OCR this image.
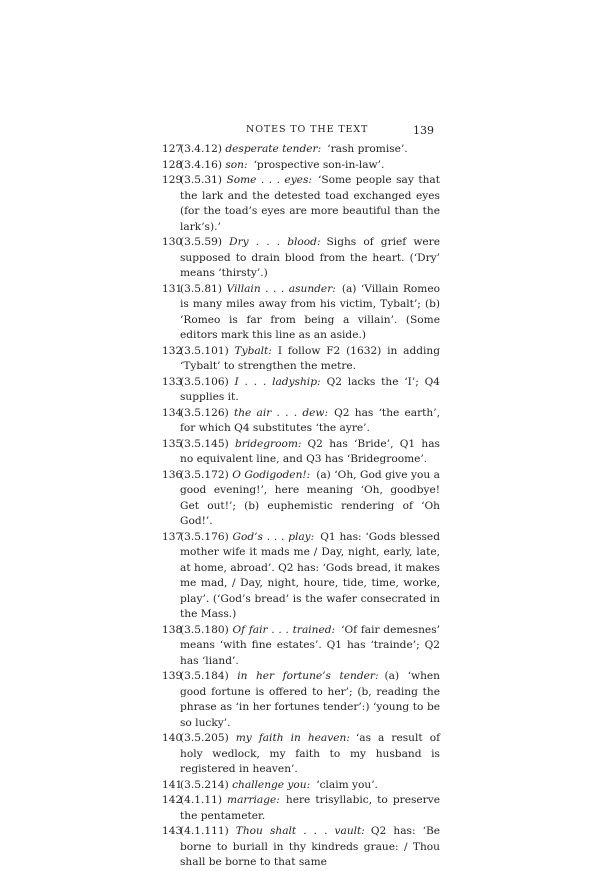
NOTES TO THE TEXT	139

127
(3.4.12) desperate tender: ‘rash promise’.

128
(3.4.16) son: ‘prospective son-in-law’.

129
(3.5.31) Some . . . eyes: ‘Some people say that the lark and the detested toad exchanged eyes (for the toad’s eyes are more beautiful than the lark’s).’

130
(3.5.59) Dry . . . blood: Sighs of grief were supposed to drain blood from the heart. (‘Dry’ means ‘thirsty’.)

131
(3.5.81) Villain . . . asunder: (a) ‘Villain Romeo is many miles away from his victim, Tybalt’; (b) ‘Romeo is far from being a villain’. (Some editors mark this line as an aside.)

132
(3.5.101) Tybalt: I follow F2 (1632) in adding ‘Tybalt’ to strengthen the metre.

133
(3.5.106) I . . . ladyship: Q2 lacks the ‘I’; Q4 supplies it.

134
(3.5.126) the air . . . dew: Q2 has ‘the earth’, for which Q4 substitutes ‘the ayre’.

135
(3.5.145) bridegroom: Q2 has ‘Bride’, Q1 has no equivalent line, and Q3 has ‘Bridegroome’.

136
(3.5.172) O Godigoden!: (a) ‘Oh, God give you a good evening!’, here meaning ‘Oh, goodbye! Get out!’; (b) euphemistic rendering of ‘Oh God!’.

137
(3.5.176) God’s . . . play: Q1 has: ‘Gods blessed mother wife it mads me / Day, night, early, late, at home, abroad’. Q2 has: ‘Gods bread, it makes me mad, / Day, night, houre, tide, time, worke, play’. (‘God’s bread’ is the wafer consecrated in the Mass.)

138
(3.5.180) Of fair . . . trained: ‘Of fair demesnes’ means ‘with fine estates’. Q1 has ‘trainde’; Q2 has ‘liand’.

139
(3.5.184) in her fortune’s tender: (a) ‘when good fortune is offered to her’; (b, reading the phrase as ‘in her fortunes tender’:) ‘young to be so lucky’.

140
(3.5.205) my faith in heaven: ‘as a result of holy wedlock, my faith to my husband is registered in heaven’.

141
(3.5.214) challenge you: ‘claim you’.

142
(4.1.11) marriage: here trisyllabic, to preserve the pentameter.

143
(4.1.111) Thou shalt . . . vault: Q2 has: ‘Be borne to buriall in thy kindreds graue: / Thou shall be borne to that same
